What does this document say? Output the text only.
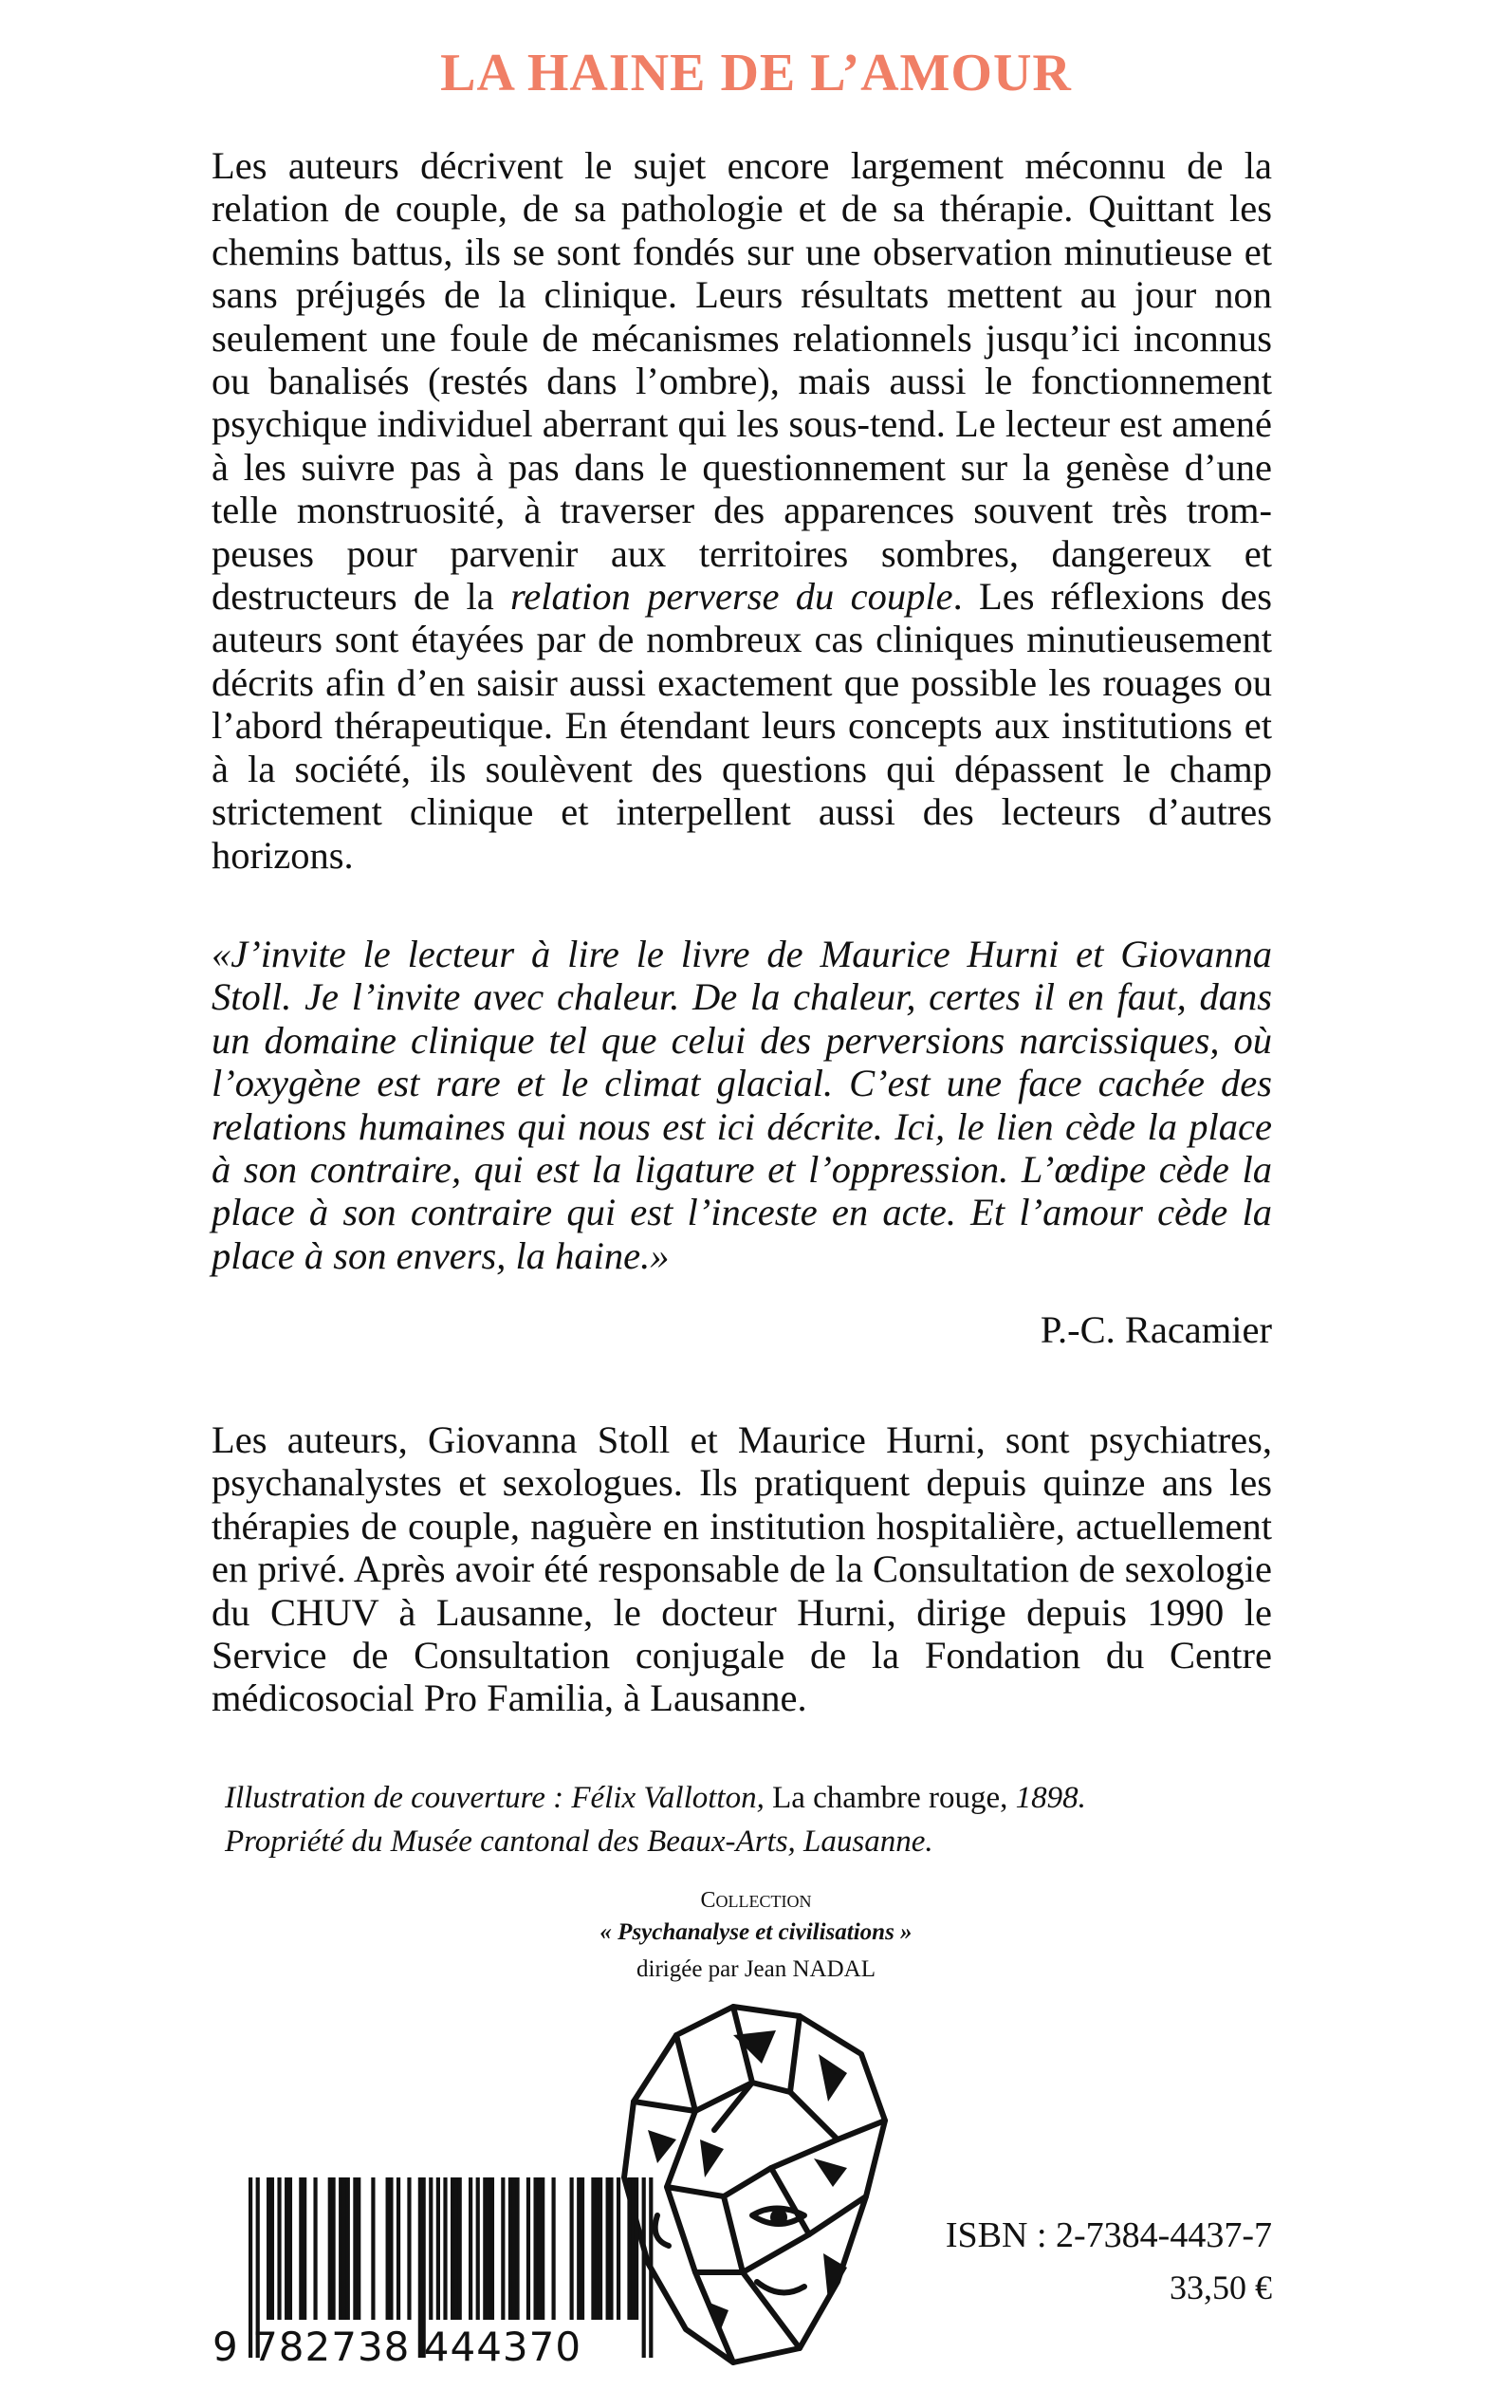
LA HAINE DE L’AMOUR

Les auteurs décrivent le sujet encore largement méconnu de la relation de couple, de sa pathologie et de sa thérapie. Quittant les chemins battus, ils se sont fondés sur une observation minutieuse et sans préjugés de la clinique. Leurs résultats mettent au jour non seulement une foule de mécanismes relationnels jusqu’ici inconnus ou banalisés (restés dans l’ombre), mais aussi le fonctionnement psychique individuel aberrant qui les sous-tend. Le lecteur est amené à les suivre pas à pas dans le questionnement sur la genèse d’une telle monstruosité, à traverser des apparences souvent très trompeuses pour parvenir aux territoires sombres, dangereux et destructeurs de la relation perverse du couple. Les réflexions des auteurs sont étayées par de nombreux cas cliniques minutieusement décrits afin d’en saisir aussi exactement que possible les rouages ou l’abord thérapeutique. En étendant leurs concepts aux institutions et à la société, ils soulèvent des questions qui dépassent le champ strictement clinique et interpellent aussi des lecteurs d’autres horizons.

«J’invite le lecteur à lire le livre de Maurice Hurni et Giovanna Stoll. Je l’invite avec chaleur. De la chaleur, certes il en faut, dans un domaine clinique tel que celui des perversions narcissiques, où l’oxygène est rare et le climat glacial. C’est une face cachée des relations humaines qui nous est ici décrite. Ici, le lien cède la place à son contraire, qui est la ligature et l’oppression. L’œdipe cède la place à son contraire qui est l’inceste en acte. Et l’amour cède la place à son envers, la haine.»

P.-C. Racamier

Les auteurs, Giovanna Stoll et Maurice Hurni, sont psychiatres, psychanalystes et sexologues. Ils pratiquent depuis quinze ans les thérapies de couple, naguère en institution hospitalière, actuellement en privé. Après avoir été responsable de la Consultation de sexologie du CHUV à Lausanne, le docteur Hurni, dirige depuis 1990 le Service de Consultation conjugale de la Fondation du Centre médicosocial Pro Familia, à Lausanne.

Illustration de couverture : Félix Vallotton, La chambre rouge, 1898.

Propriété du Musée cantonal des Beaux-Arts, Lausanne.

COLLECTION

« Psychanalyse et civilisations »

dirigée par Jean NADAL

9 782738 444370

ISBN : 2-7384-4437-7

33,50 €
